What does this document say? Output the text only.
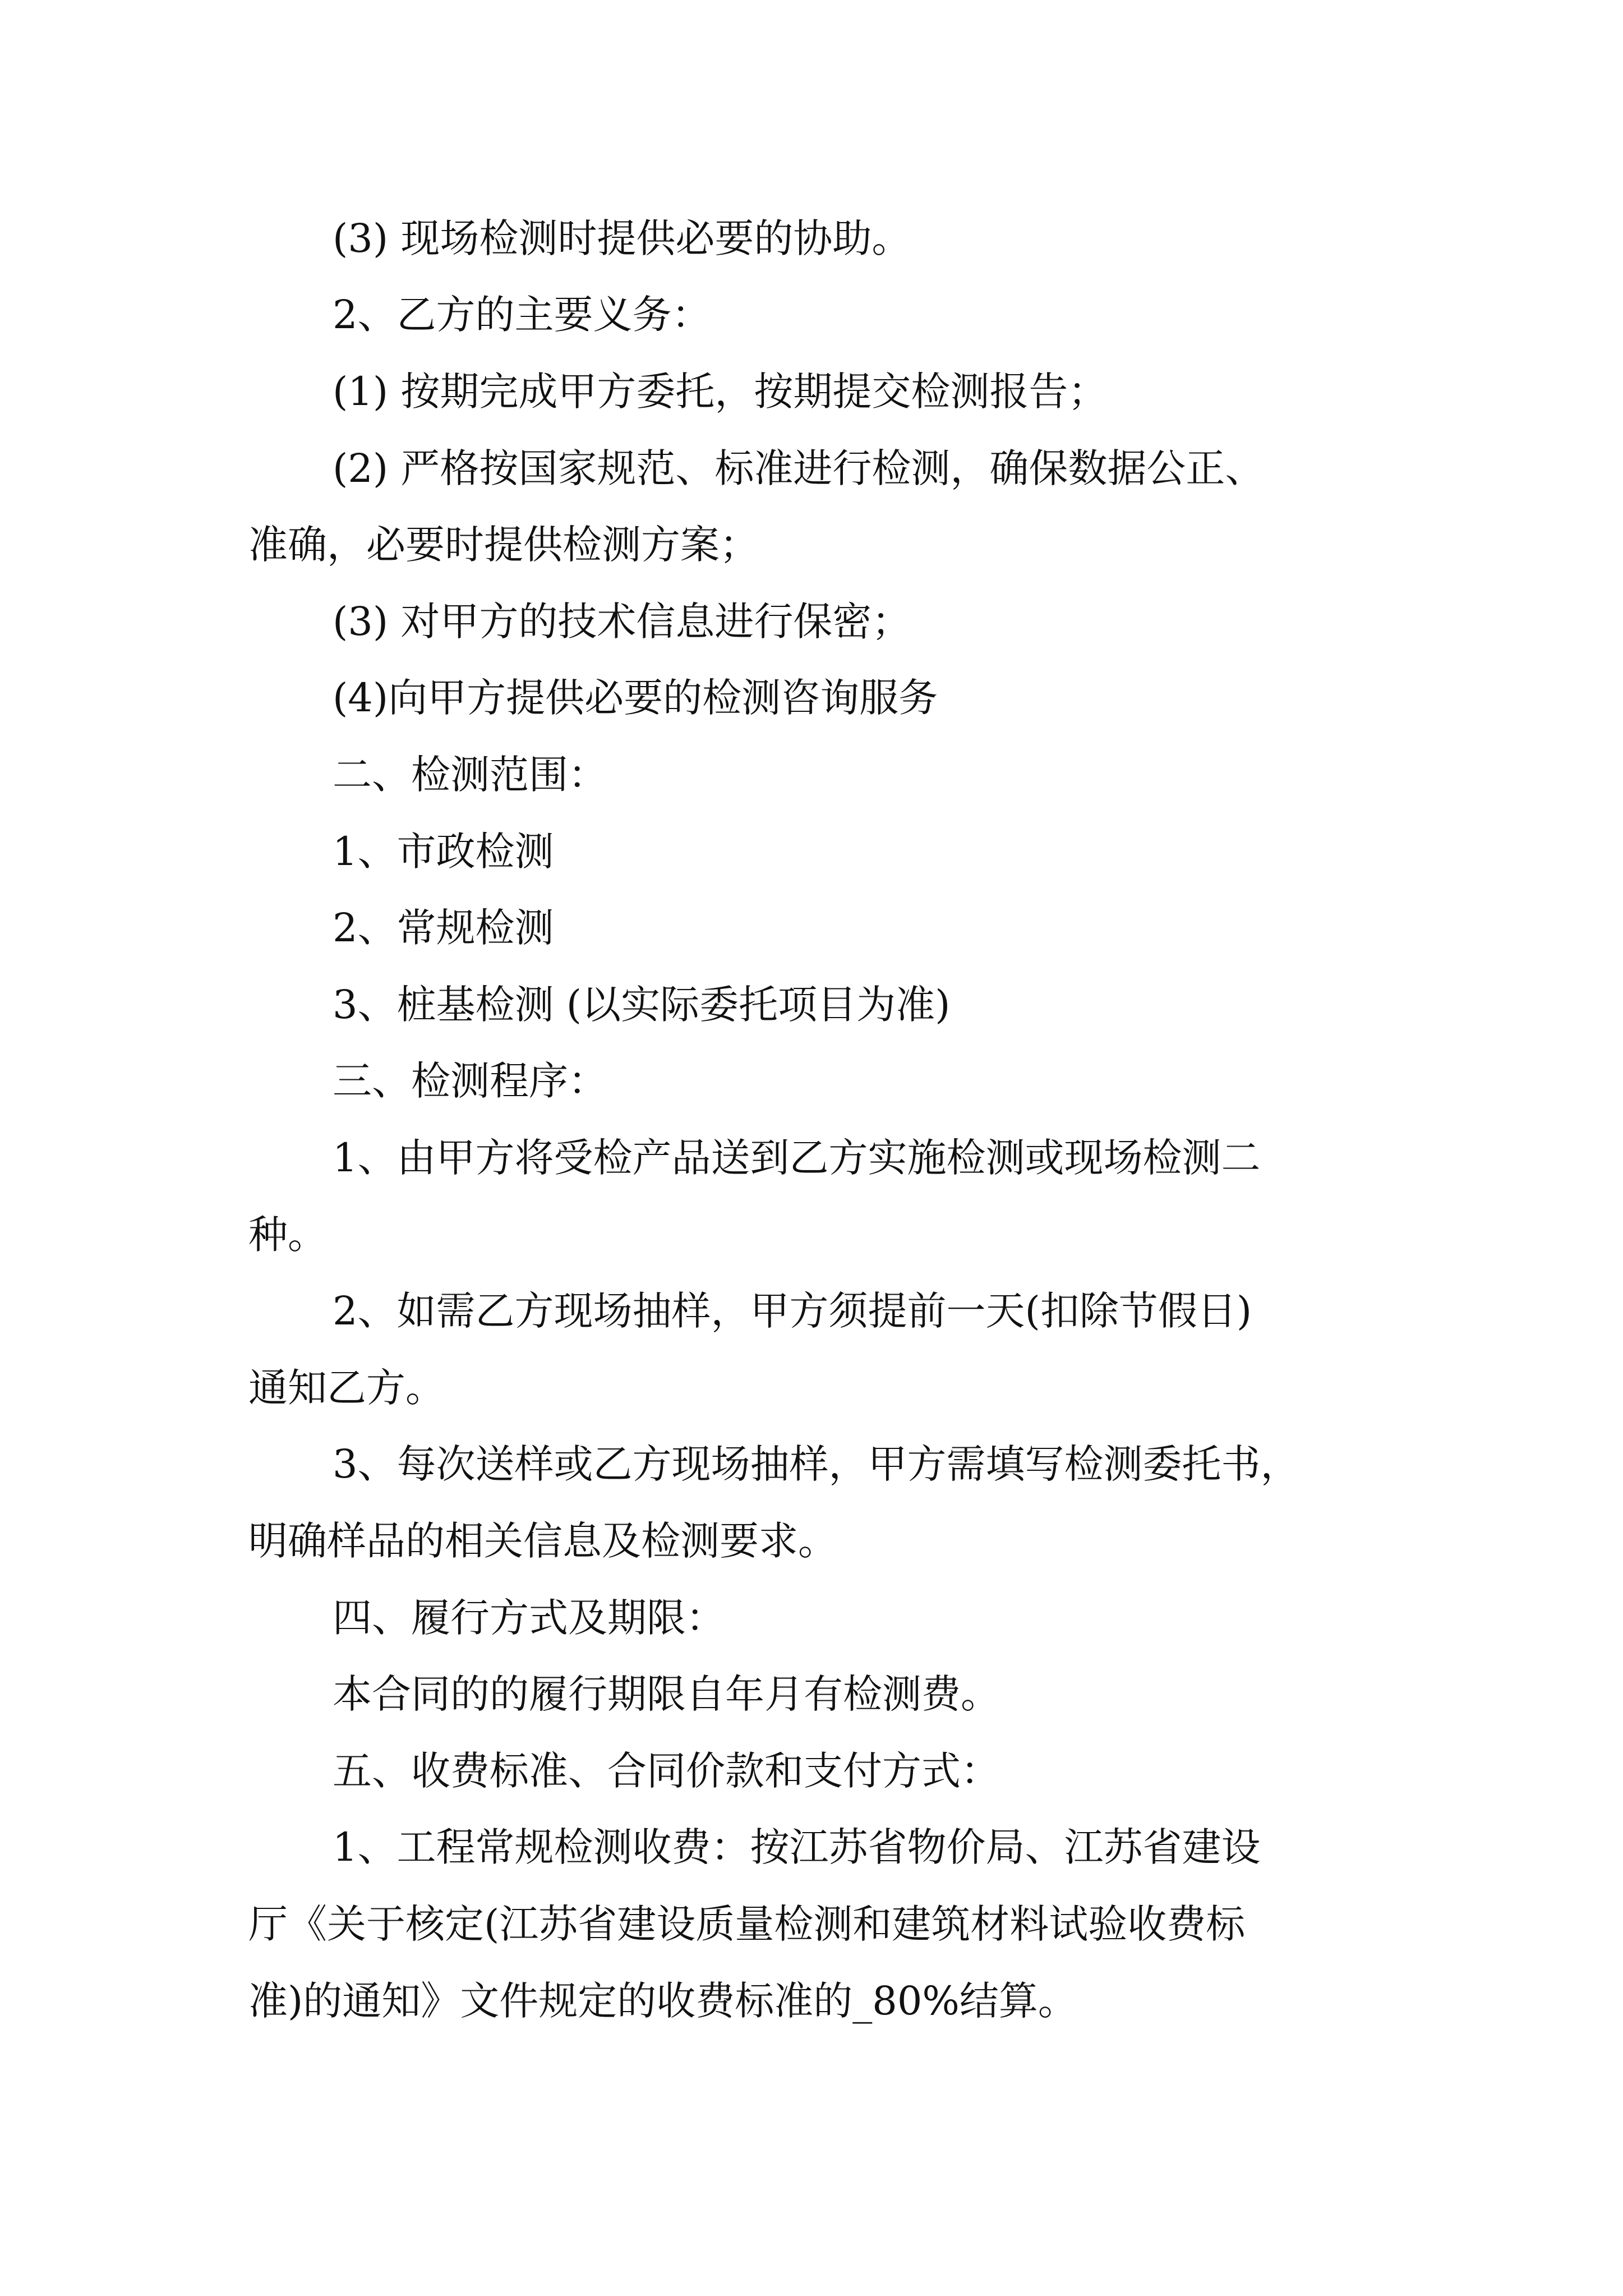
(3) 现场检测时提供必要的协助。

2、乙方的主要义务：

(1) 按期完成甲方委托，按期提交检测报告；

(2) 严格按国家规范、标准进行检测，确保数据公正、

准确，必要时提供检测方案；

(3) 对甲方的技术信息进行保密；

(4)向甲方提供必要的检测咨询服务

二、检测范围：

1、市政检测

2、常规检测

3、桩基检测 (以实际委托项目为准)

三、检测程序：

1、由甲方将受检产品送到乙方实施检测或现场检测二

种。

2、如需乙方现场抽样，甲方须提前一天(扣除节假日)

通知乙方。

3、每次送样或乙方现场抽样，甲方需填写检测委托书，

明确样品的相关信息及检测要求。

四、履行方式及期限：

本合同的的履行期限自年月有检测费。

五、收费标准、合同价款和支付方式：

1、工程常规检测收费：按江苏省物价局、江苏省建设

厅《关于核定(江苏省建设质量检测和建筑材料试验收费标

准)的通知》文件规定的收费标准的_80%结算。
